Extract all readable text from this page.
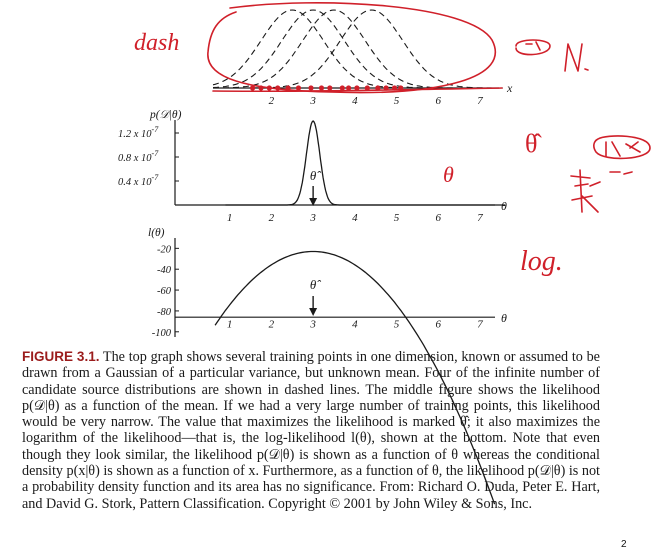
2	3	4	5	6	7
x
1	2	3	4	5	6	7
1.2 x $10^{-7}$
0.8 x $10^{-7}$
0.4 x $10^{-7}$
p(𝒟|θ)
θ
θ̂
1	2	3	4	5	6	7
-20
-40
-60
-80
-100
l(θ)
θ
θ̂
dash
θ̂
θ
log.
FIGURE 3.1. The top graph shows several training points in one dimension, known or assumed to be drawn from a Gaussian of a particular variance, but unknown mean. Four of the infinite number of candidate source distributions are shown in dashed lines. The middle figure shows the likelihood p(𝒟|θ) as a function of the mean. If we had a very large number of training points, this likelihood would be very narrow. The value that maximizes the likelihood is marked θ̂; it also maximizes the logarithm of the likelihood—that is, the log-likelihood l(θ), shown at the bottom. Note that even though they look similar, the likelihood p(𝒟|θ) is shown as a function of θ whereas the conditional density p(x|θ) is shown as a function of x. Furthermore, as a function of θ, the likelihood p(𝒟|θ) is not a probability density function and its area has no significance. From: Richard O. Duda, Peter E. Hart, and David G. Stork, Pattern Classification. Copyright © 2001 by John Wiley & Sons, Inc.
2
